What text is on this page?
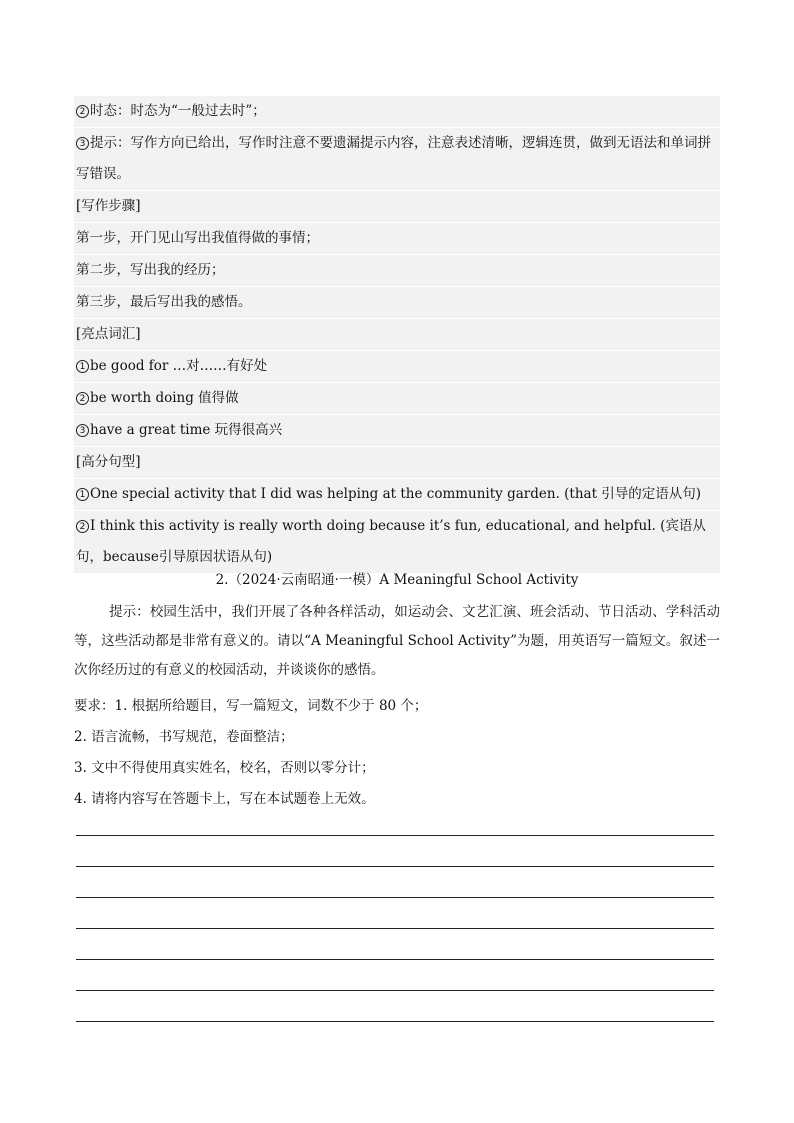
2 时态：时态为“一般过去时”；
3 提示：写作方向已给出，写作时注意不要遗漏提示内容，注意表述清晰，逻辑连贯，做到无语法和单词拼写错误。
[写作步骤]
第一步，开门见山写出我值得做的事情；
第二步，写出我的经历；
第三步，最后写出我的感悟。
[亮点词汇]
1 be good for …对……有好处
2 be worth doing 值得做
3 have a great time 玩得很高兴
[高分句型]
1 One special activity that I did was helping at the community garden. (that 引导的定语从句)
2 I think this activity is really worth doing because it’s fun, educational, and helpful. (宾语从句，because引导原因状语从句)
2.（2024·云南昭通·一模）A Meaningful School Activity

提示：校园生活中，我们开展了各种各样活动，如运动会、文艺汇演、班会活动、节日活动、学科活动等，这些活动都是非常有意义的。请以“A Meaningful School Activity”为题，用英语写一篇短文。叙述一次你经历过的有意义的校园活动，并谈谈你的感悟。

要求：1. 根据所给题目，写一篇短文，词数不少于 80 个；
2. 语言流畅，书写规范，卷面整洁；
3. 文中不得使用真实姓名，校名，否则以零分计；
4. 请将内容写在答题卡上，写在本试题卷上无效。
